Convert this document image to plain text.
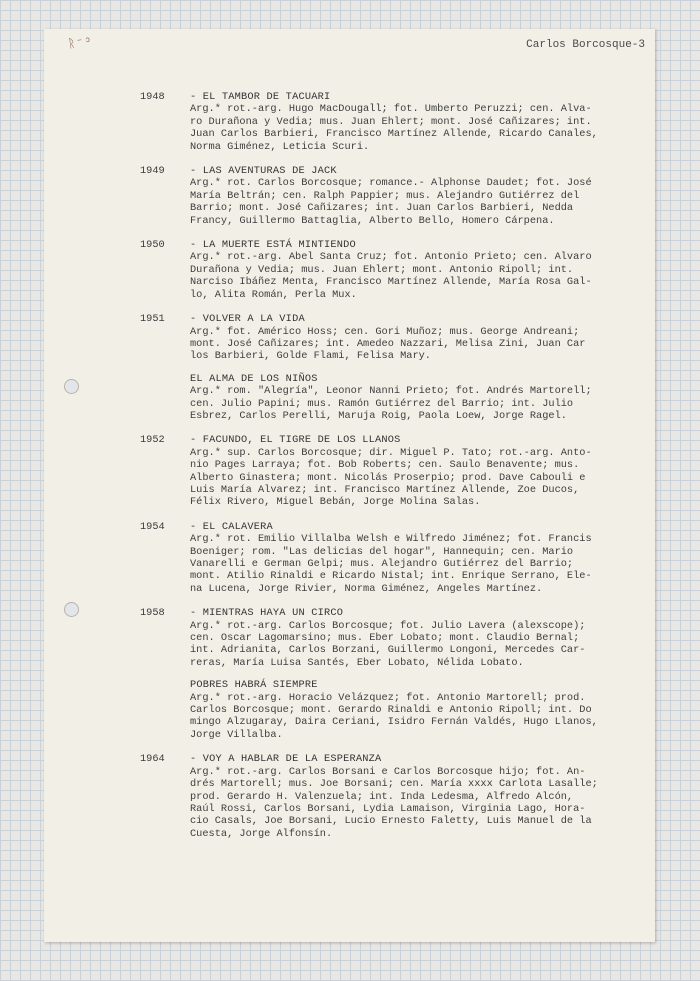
ᚱ⁻ᵓ	Carlos Borcosque-3
1948	- EL TAMBOR DE TACUARI
Arg.* rot.-arg. Hugo MacDougall; fot. Umberto Peruzzi; cen. Alva-
ro Durañona y Vedia; mus. Juan Ehlert; mont. José Cañizares; int.
Juan Carlos Barbieri, Francisco Martínez Allende, Ricardo Canales,
Norma Giménez, Leticia Scuri.
1949	- LAS AVENTURAS DE JACK
Arg.* rot. Carlos Borcosque; romance.- Alphonse Daudet; fot. José
María Beltrán; cen. Ralph Pappier; mus. Alejandro Gutiérrez del
Barrio; mont. José Cañizares; int. Juan Carlos Barbieri, Nedda
Francy, Guillermo Battaglia, Alberto Bello, Homero Cárpena.
1950	- LA MUERTE ESTÁ MINTIENDO
Arg.* rot.-arg. Abel Santa Cruz; fot. Antonio Prieto; cen. Alvaro
Durañona y Vedia; mus. Juan Ehlert; mont. Antonio Ripoll; int.
Narciso Ibáñez Menta, Francisco Martínez Allende, María Rosa Gal-
lo, Alita Román, Perla Mux.
1951	- VOLVER A LA VIDA
Arg.* fot. Américo Hoss; cen. Gori Muñoz; mus. George Andreani;
mont. José Cañizares; int. Amedeo Nazzari, Melisa Zini, Juan Car
los Barbieri, Golde Flami, Felisa Mary.
EL ALMA DE LOS NIÑOS
Arg.* rom. "Alegría", Leonor Nanni Prieto; fot. Andrés Martorell;
cen. Julio Papini; mus. Ramón Gutiérrez del Barrio; int. Julio
Esbrez, Carlos Perelli, Maruja Roig, Paola Loew, Jorge Ragel.
1952	- FACUNDO, EL TIGRE DE LOS LLANOS
Arg.* sup. Carlos Borcosque; dir. Miguel P. Tato; rot.-arg. Anto-
nio Pages Larraya; fot. Bob Roberts; cen. Saulo Benavente; mus.
Alberto Ginastera; mont. Nicolás Proserpio; prod. Dave Cabouli e
Luis María Alvarez; int. Francisco Martínez Allende, Zoe Ducos,
Félix Rivero, Miguel Bebán, Jorge Molina Salas.
1954	- EL CALAVERA
Arg.* rot. Emilio Villalba Welsh e Wilfredo Jiménez; fot. Francis
Boeniger; rom. "Las delicias del hogar", Hannequin; cen. Mario
Vanarelli e German Gelpi; mus. Alejandro Gutiérrez del Barrio;
mont. Atilio Rinaldi e Ricardo Nistal; int. Enrique Serrano, Ele-
na Lucena, Jorge Rivier, Norma Giménez, Angeles Martínez.
1958	- MIENTRAS HAYA UN CIRCO
Arg.* rot.-arg. Carlos Borcosque; fot. Julio Lavera (alexscope);
cen. Oscar Lagomarsino; mus. Eber Lobato; mont. Claudio Bernal;
int. Adrianita, Carlos Borzani, Guillermo Longoni, Mercedes Car-
reras, María Luisa Santés, Eber Lobato, Nélida Lobato.
POBRES HABRÁ SIEMPRE
Arg.* rot.-arg. Horacio Velázquez; fot. Antonio Martorell; prod.
Carlos Borcosque; mont. Gerardo Rinaldi e Antonio Ripoll; int. Do
mingo Alzugaray, Daira Ceriani, Isidro Fernán Valdés, Hugo Llanos,
Jorge Villalba.
1964	- VOY A HABLAR DE LA ESPERANZA
Arg.* rot.-arg. Carlos Borsani e Carlos Borcosque hijo; fot. An-
drés Martorell; mus. Joe Borsani; cen. María xxxx Carlota Lasalle;
prod. Gerardo H. Valenzuela; int. Inda Ledesma, Alfredo Alcón,
Raúl Rossi, Carlos Borsani, Lydia Lamaison, Virginia Lago, Hora-
cio Casals, Joe Borsani, Lucio Ernesto Faletty, Luis Manuel de la
Cuesta, Jorge Alfonsín.
